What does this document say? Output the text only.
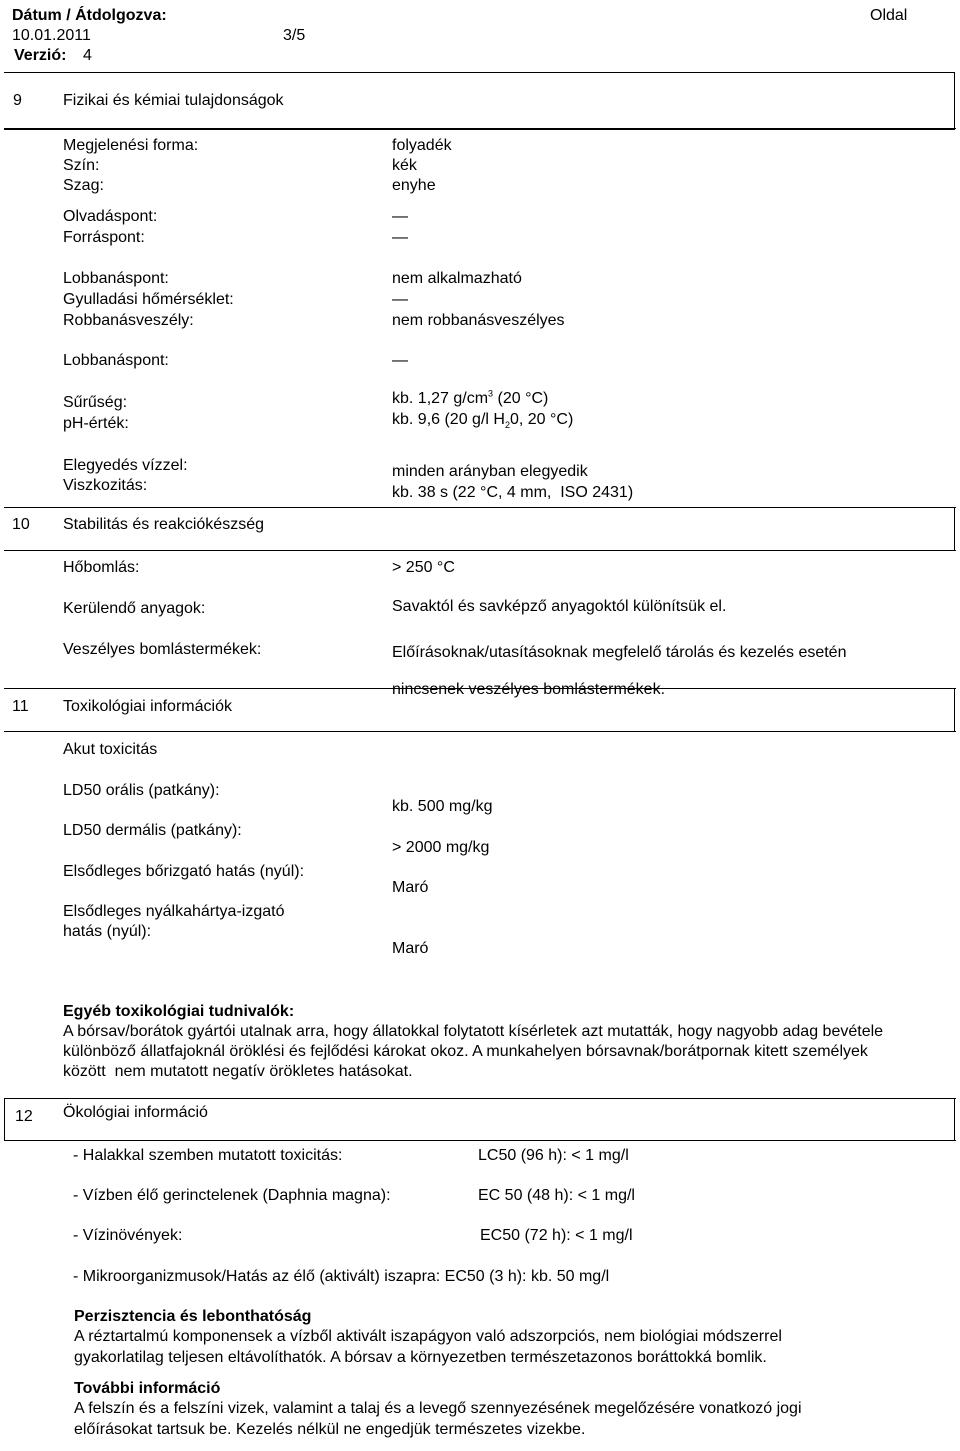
Dátum / Átdolgozva:
10.01.2011	3/5
Oldal
Verzió: 4
9	Fizikai és kémiai tulajdonságok
Megjelenési forma:	folyadék
Szín:	kék
Szag:	enyhe
Olvadáspont:	—
Forráspont:	—
Lobbanáspont:	nem alkalmazható
Gyulladási hőmérséklet:	—
Robbanásveszély:	nem robbanásveszélyes
Lobbanáspont:	—
Sűrűség:	kb. 1,27 $g/cm^3$ (20 °C)
pH-érték:	kb. 9,6 (20 g/l $H_20$, 20 °C)
Elegyedés vízzel:	minden arányban elegyedik
Viszkozitás:	kb. 38 s (22 °C, 4 mm,  ISO 2431)
10 Stabilitás és reakciókészség
Hőbomlás:	> 250 °C
Kerülendő anyagok:	Savaktól és savképző anyagoktól különítsük el.
Veszélyes bomlástermékek:	Előírásoknak/utasításoknak megfelelő tárolás és kezelés esetén
nincsenek veszélyes bomlástermékek.
11 Toxikológiai információk
Akut toxicitás
LD50 orális (patkány):
kb. 500 mg/kg
LD50 dermális (patkány):
> 2000 mg/kg
Elsődleges bőrizgató hatás (nyúl):
Maró
Elsődleges nyálkahártya-izgató hatás (nyúl):
Maró
Egyéb toxikológiai tudnivalók:
A bórsav/borátok gyártói utalnak arra, hogy állatokkal folytatott kísérletek azt mutatták, hogy nagyobb adag bevétele
különböző állatfajoknál öröklési és fejlődési károkat okoz. A munkahelyen bórsavnak/borátpornak kitett személyek
között  nem mutatott negatív örökletes hatásokat.
12 Ökológiai információ
- Halakkal szemben mutatott toxicitás:	LC50 (96 h): < 1 mg/l
- Vízben élő gerinctelenek (Daphnia magna):	EC 50 (48 h): < 1 mg/l
- Vízinövények:	EC50 (72 h): < 1 mg/l
- Mikroorganizmusok/Hatás az élő (aktivált) iszapra: EC50 (3 h): kb. 50 mg/l
Perzisztencia és lebonthatóság
A réztartalmú komponensek a vízből aktivált iszapágyon való adszorpciós, nem biológiai módszerrel
gyakorlatilag teljesen eltávolíthatók. A bórsav a környezetben természetazonos boráttokká bomlik.
További információ
A felszín és a felszíni vizek, valamint a talaj és a levegő szennyezésének megelőzésére vonatkozó jogi
előírásokat tartsuk be. Kezelés nélkül ne engedjük természetes vizekbe.
